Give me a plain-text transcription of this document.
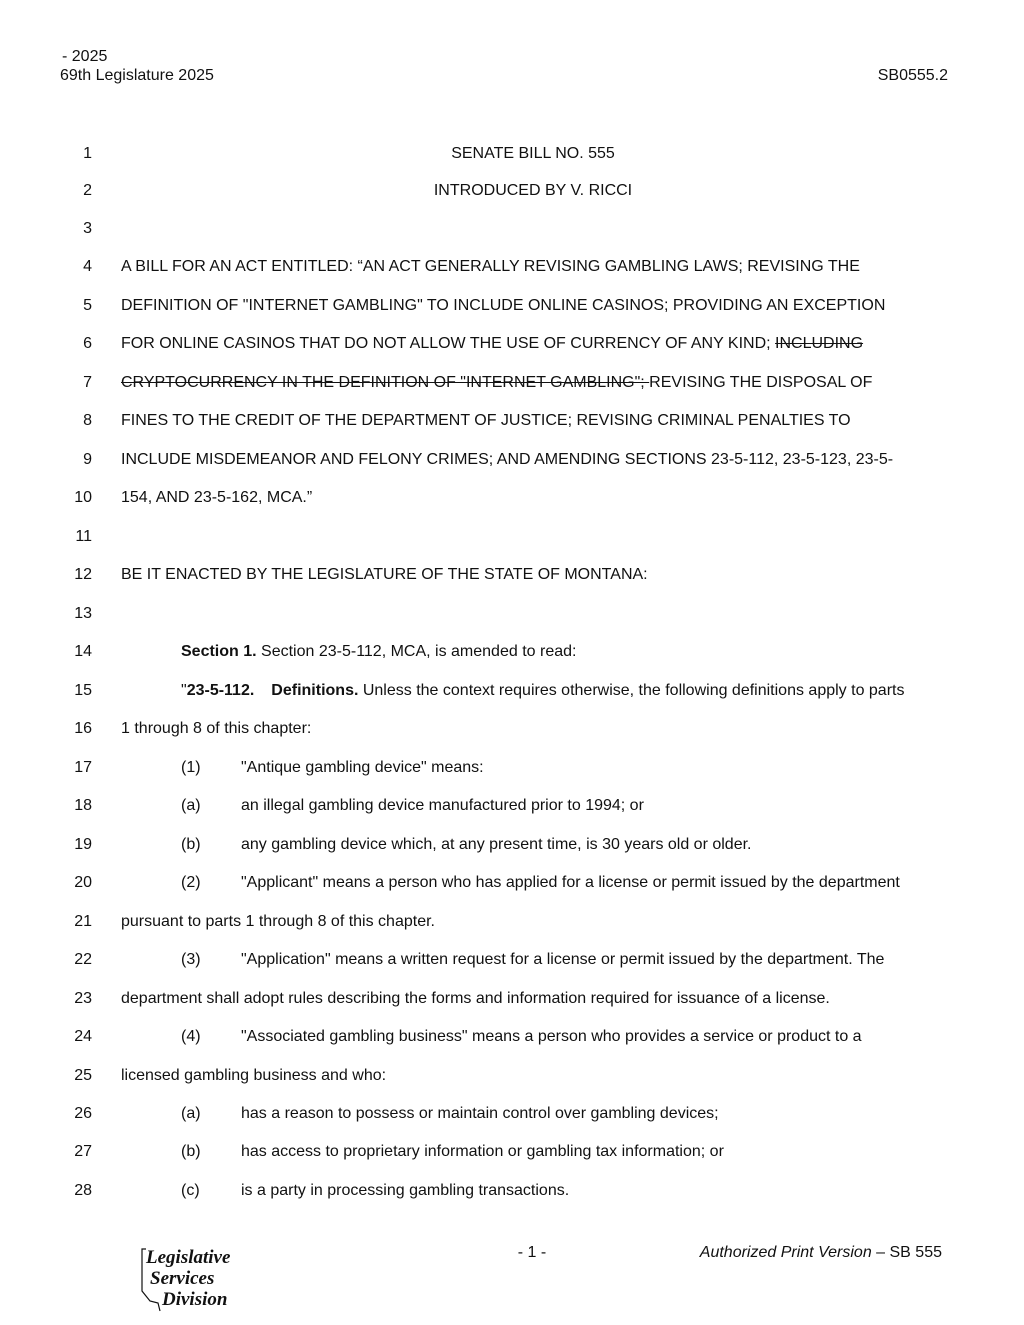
- 2025
69th Legislature 2025	SB0555.2
1	SENATE BILL NO. 555
2	INTRODUCED BY V. RICCI
3
4 A BILL FOR AN ACT ENTITLED: “AN ACT GENERALLY REVISING GAMBLING LAWS; REVISING THE
5 DEFINITION OF "INTERNET GAMBLING" TO INCLUDE ONLINE CASINOS; PROVIDING AN EXCEPTION
6 FOR ONLINE CASINOS THAT DO NOT ALLOW THE USE OF CURRENCY OF ANY KIND; INCLUDING
7 CRYPTOCURRENCY IN THE DEFINITION OF "INTERNET GAMBLING"; REVISING THE DISPOSAL OF
8 FINES TO THE CREDIT OF THE DEPARTMENT OF JUSTICE; REVISING CRIMINAL PENALTIES TO
9 INCLUDE MISDEMEANOR AND FELONY CRIMES; AND AMENDING SECTIONS 23-5-112, 23-5-123, 23-5-
10 154, AND 23-5-162, MCA.”
11
12 BE IT ENACTED BY THE LEGISLATURE OF THE STATE OF MONTANA:
13
14	Section 1. Section 23-5-112, MCA, is amended to read:
15	"23-5-112. Definitions. Unless the context requires otherwise, the following definitions apply to parts
16 1 through 8 of this chapter:
17	(1)	"Antique gambling device" means:
18	(a)	an illegal gambling device manufactured prior to 1994; or
19	(b)	any gambling device which, at any present time, is 30 years old or older.
20	(2)	"Applicant" means a person who has applied for a license or permit issued by the department
21 pursuant to parts 1 through 8 of this chapter.
22	(3)	"Application" means a written request for a license or permit issued by the department. The
23 department shall adopt rules describing the forms and information required for issuance of a license.
24	(4)	"Associated gambling business" means a person who provides a service or product to a
25 licensed gambling business and who:
26	(a)	has a reason to possess or maintain control over gambling devices;
27	(b)	has access to proprietary information or gambling tax information; or
28	(c)	is a party in processing gambling transactions.
Legislative
Services
Division
- 1 -	Authorized Print Version – SB 555
